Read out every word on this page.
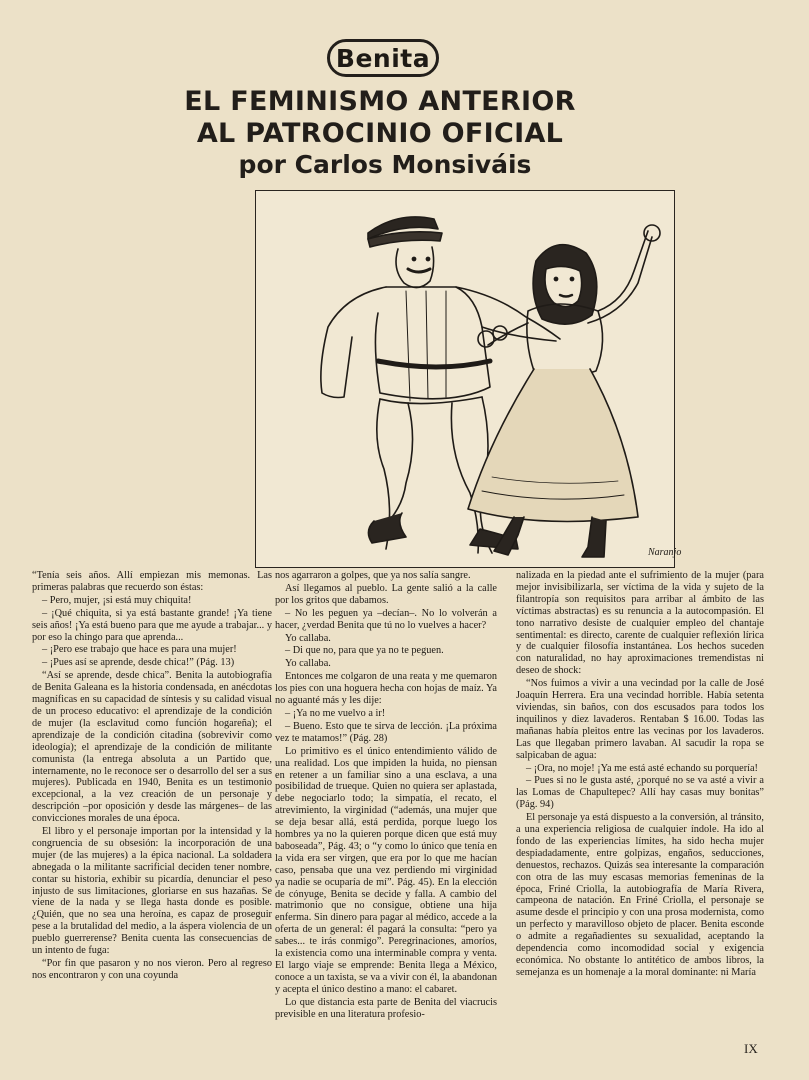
Benita
EL FEMINISMO ANTERIOR
AL PATROCINIO OFICIAL
por Carlos Monsiváis
Naranjo

“Tenía seis años. Allí empiezan mis memonas. Las primeras palabras que recuerdo son éstas:

– Pero, mujer, ¡si está muy chiquita!

– ¡Qué chiquita, si ya está bastante grande! ¡Ya tiene seis años! ¡Ya está bueno para que me ayude a trabajar... y por eso la chingo para que aprenda...

– ¡Pero ese trabajo que hace es para una mujer!

– ¡Pues así se aprende, desde chica!” (Pág. 13)

“Así se aprende, desde chica”. Benita la autobiografía de Benita Galeana es la historia condensada, en anécdotas magníficas en su capacidad de síntesis y su calidad visual de un proceso educativo: el aprendizaje de la condición de mujer (la esclavitud como función hogareña); el aprendizaje de la condición citadina (sobrevivir como ideología); el aprendizaje de la condición de militante comunista (la entrega absoluta a un Partido que, internamente, no le reconoce ser o desarrollo del ser a sus mujeres). Publicada en 1940, Benita es un testimonio excepcional, a la vez creación de un personaje y descripción –por oposición y desde las márgenes– de las convicciones morales de una época.

El libro y el personaje importan por la intensidad y la congruencia de su obsesión: la incorporación de una mujer (de las mujeres) a la épica nacional. La soldadera abnegada o la militante sacrificial deciden tener nombre, contar su historia, exhibir su picardía, denunciar el peso injusto de sus limitaciones, gloriarse en sus hazañas. Se viene de la nada y se llega hasta donde es posible. ¿Quién, que no sea una heroína, es capaz de proseguir pese a la brutalidad del medio, a la áspera violencia de un pueblo guerrerense? Benita cuenta las consecuencias de un intento de fuga:

“Por fin que pasaron y no nos vieron. Pero al regreso nos encontraron y con una coyunda

nos agarraron a golpes, que ya nos salía sangre.

Así llegamos al pueblo. La gente salió a la calle por los gritos que dabamos.

– No les peguen ya –decían–. No lo volverán a hacer, ¿verdad Benita que tú no lo vuelves a hacer?

Yo callaba.

– Di que no, para que ya no te peguen.

Yo callaba.

Entonces me colgaron de una reata y me quemaron los pies con una hoguera hecha con hojas de maíz. Ya no aguanté más y les dije:

– ¡Ya no me vuelvo a ir!

– Bueno. Esto que te sirva de lección. ¡La próxima vez te matamos!” (Pág. 28)

Lo primitivo es el único entendimiento válido de una realidad. Los que impiden la huida, no piensan en retener a un familiar sino a una esclava, a una posibilidad de trueque. Quien no quiera ser aplastada, debe negociarlo todo; la simpatía, el recato, el atrevimiento, la virginidad (“además, una mujer que se deja besar allá, está perdida, porque luego los hombres ya no la quieren porque dicen que está muy baboseada”, Pág. 43; o “y como lo único que tenía en la vida era ser virgen, que era por lo que me hacían caso, pensaba que una vez perdiendo mi virginidad ya nadie se ocuparía de mí”. Pág. 45). En la elección de cónyuge, Benita se decide y falla. A cambio del matrimonio que no consigue, obtiene una hija enferma. Sin dinero para pagar al médico, accede a la oferta de un general: él pagará la consulta: “pero ya sabes... te irás conmigo”. Peregrinaciones, amoríos, la existencia como una interminable compra y venta. El largo viaje se emprende: Benita llega a México, conoce a un taxista, se va a vivir con él, la abandonan y acepta el único destino a mano: el cabaret.

Lo que distancia esta parte de Benita del viacrucis previsible en una literatura profesio-

nalizada en la piedad ante el sufrimiento de la mujer (para mejor invisibilizarla, ser víctima de la vida y sujeto de la filantropía son requisitos para arribar al ámbito de las víctimas abstractas) es su renuncia a la autocompasión. El tono narrativo desiste de cualquier empleo del chantaje sentimental: es directo, carente de cualquier reflexión lírica y de cualquier filosofía instantánea. Los hechos suceden con naturalidad, no hay aproximaciones tremendistas ni deseo de shock:

“Nos fuimos a vivir a una vecindad por la calle de José Joaquín Herrera. Era una vecindad horrible. Había setenta viviendas, sin baños, con dos escusados para todos los inquilinos y diez lavaderos. Rentaban $ 16.00. Todas las mañanas había pleitos entre las vecinas por los lavaderos. Las que llegaban primero lavaban. Al sacudir la ropa se salpicaban de agua:

– ¡Ora, no moje! ¡Ya me está asté echando su porquería!

– Pues si no le gusta asté, ¿porqué no se va asté a vivir a las Lomas de Chapultepec? Allí hay casas muy bonitas” (Pág. 94)

El personaje ya está dispuesto a la conversión, al tránsito, a una experiencia religiosa de cualquier índole. Ha ido al fondo de las experiencias límites, ha sido hecha mujer despiadadamente, entre golpizas, engaños, seducciones, denuestos, rechazos. Quizás sea interesante la comparación con otra de las muy escasas memorias femeninas de la época, Friné Criolla, la autobiografía de María Rivera, campeona de natación. En Friné Criolla, el personaje se asume desde el principio y con una prosa modernista, como un perfecto y maravilloso objeto de placer. Benita esconde o admite a regañadientes su sexualidad, aceptando la dependencia como incomodidad social y exigencia económica. No obstante lo antitético de ambos libros, la semejanza es un homenaje a la moral dominante: ni María

IX
